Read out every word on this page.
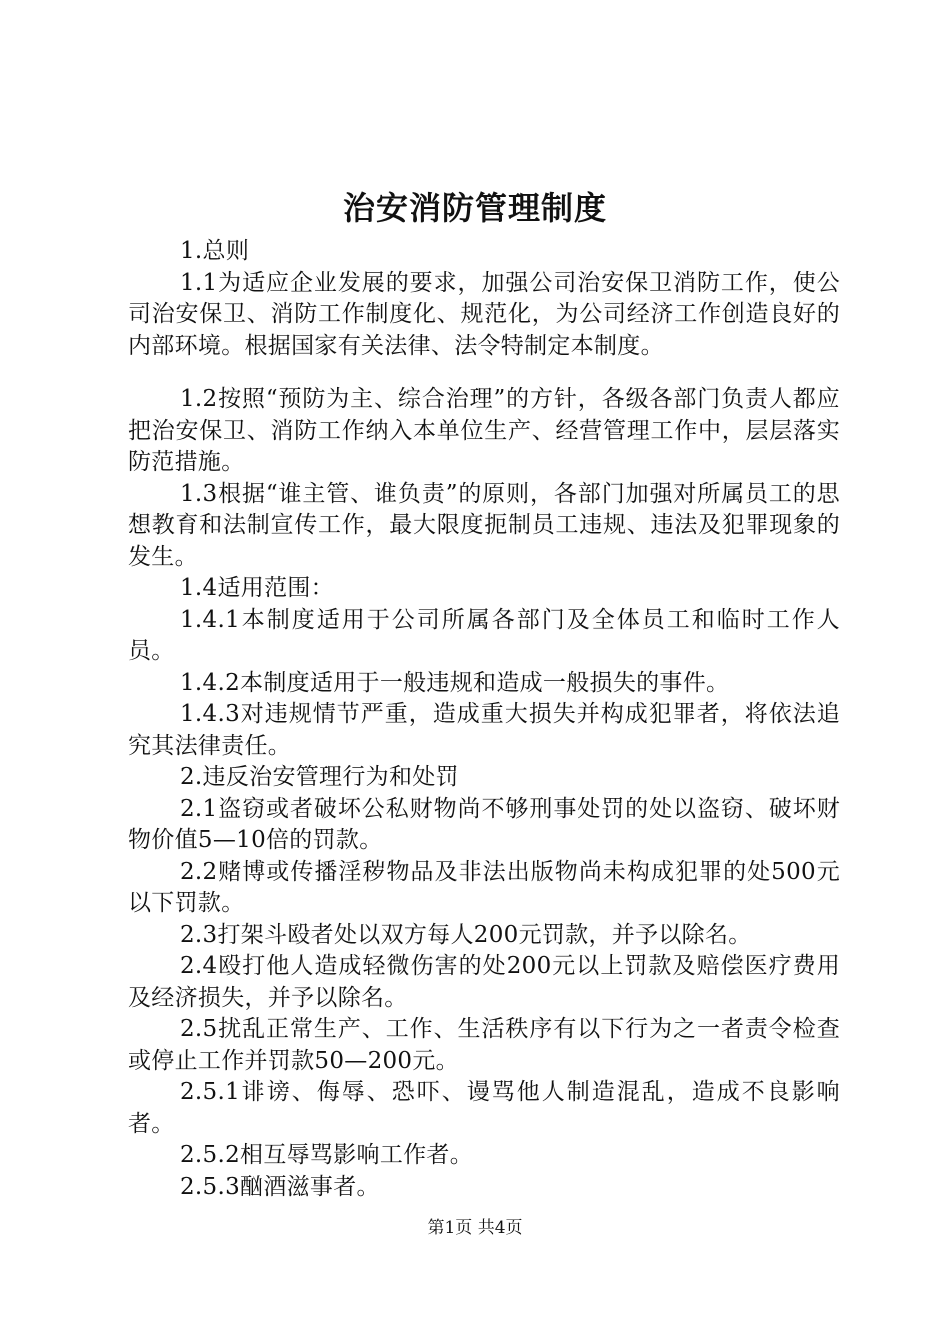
治安消防管理制度

1.总则

1.1为适应企业发展的要求，加强公司治安保卫消防工作，使公司治安保卫、消防工作制度化、规范化，为公司经济工作创造良好的内部环境。根据国家有关法律、法令特制定本制度。

1.2按照“预防为主、综合治理”的方针，各级各部门负责人都应把治安保卫、消防工作纳入本单位生产、经营管理工作中，层层落实防范措施。

1.3根据“谁主管、谁负责”的原则，各部门加强对所属员工的思想教育和法制宣传工作，最大限度扼制员工违规、违法及犯罪现象的发生。

1.4适用范围：

1.4.1本制度适用于公司所属各部门及全体员工和临时工作人员。

1.4.2本制度适用于一般违规和造成一般损失的事件。

1.4.3对违规情节严重，造成重大损失并构成犯罪者，将依法追究其法律责任。

2.违反治安管理行为和处罚

2.1盗窃或者破坏公私财物尚不够刑事处罚的处以盗窃、破坏财物价值5—10倍的罚款。

2.2赌博或传播淫秽物品及非法出版物尚未构成犯罪的处500元以下罚款。

2.3打架斗殴者处以双方每人200元罚款，并予以除名。

2.4殴打他人造成轻微伤害的处200元以上罚款及赔偿医疗费用及经济损失，并予以除名。

2.5扰乱正常生产、工作、生活秩序有以下行为之一者责令检查或停止工作并罚款50—200元。

2.5.1诽谤、侮辱、恐吓、谩骂他人制造混乱，造成不良影响者。

2.5.2相互辱骂影响工作者。

2.5.3酗酒滋事者。

第1页 共4页
